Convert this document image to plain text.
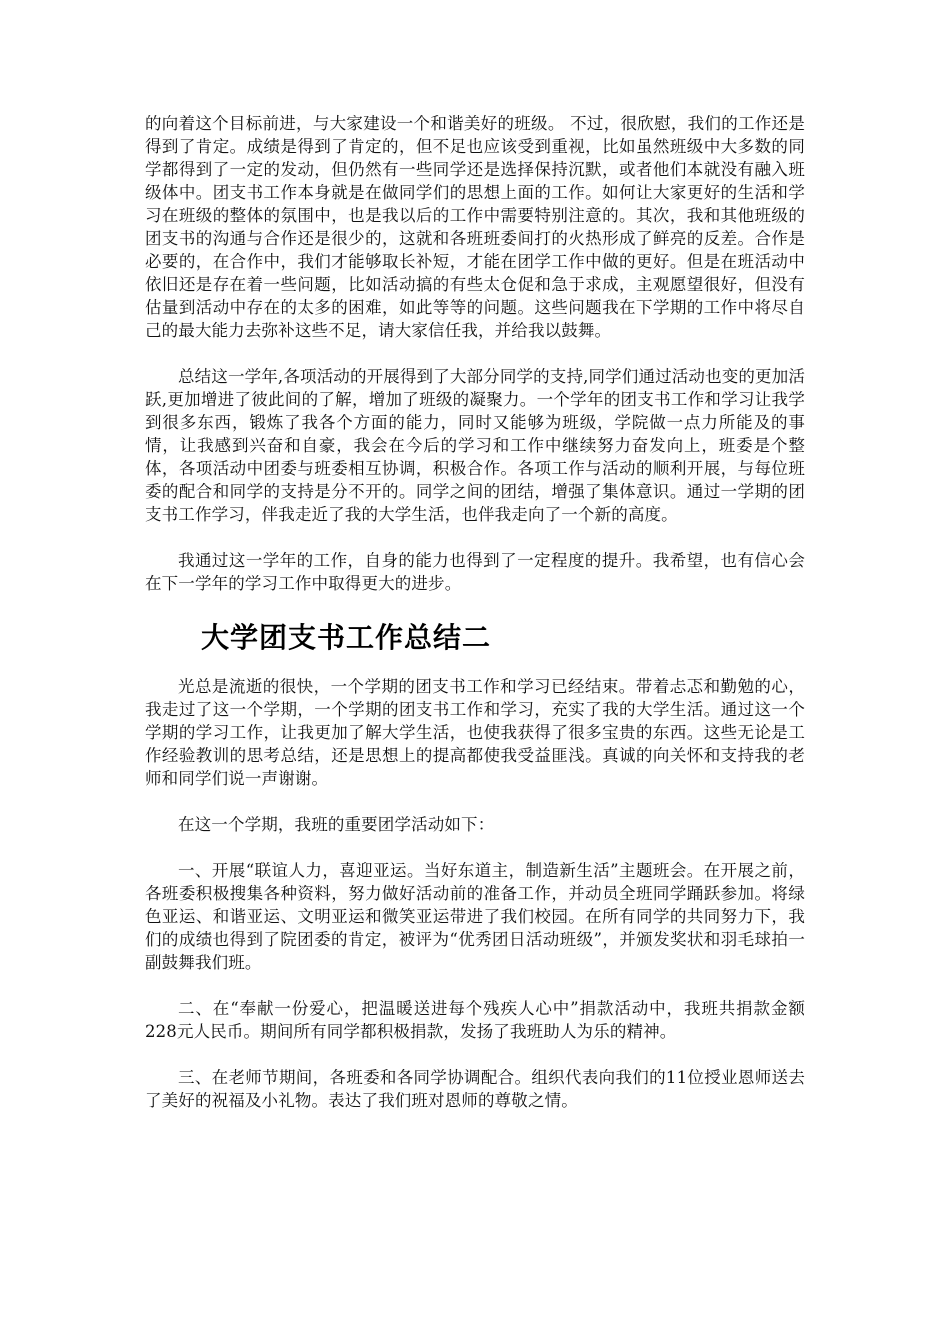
的向着这个目标前进，与大家建设一个和谐美好的班级。 不过，很欣慰，我们的工作还是得到了肯定。成绩是得到了肯定的，但不足也应该受到重视，比如虽然班级中大多数的同学都得到了一定的发动，但仍然有一些同学还是选择保持沉默，或者他们本就没有融入班级体中。团支书工作本身就是在做同学们的思想上面的工作。如何让大家更好的生活和学习在班级的整体的氛围中，也是我以后的工作中需要特别注意的。其次，我和其他班级的团支书的沟通与合作还是很少的，这就和各班班委间打的火热形成了鲜亮的反差。合作是必要的，在合作中，我们才能够取长补短，才能在团学工作中做的更好。但是在班活动中依旧还是存在着一些问题，比如活动搞的有些太仓促和急于求成，主观愿望很好，但没有估量到活动中存在的太多的困难，如此等等的问题。这些问题我在下学期的工作中将尽自己的最大能力去弥补这些不足，请大家信任我，并给我以鼓舞。

总结这一学年,各项活动的开展得到了大部分同学的支持,同学们通过活动也变的更加活跃,更加增进了彼此间的了解，增加了班级的凝聚力。一个学年的团支书工作和学习让我学到很多东西，锻炼了我各个方面的能力，同时又能够为班级，学院做一点力所能及的事情，让我感到兴奋和自豪，我会在今后的学习和工作中继续努力奋发向上，班委是个整体，各项活动中团委与班委相互协调，积极合作。各项工作与活动的顺利开展，与每位班委的配合和同学的支持是分不开的。同学之间的团结，增强了集体意识。通过一学期的团支书工作学习，伴我走近了我的大学生活，也伴我走向了一个新的高度。

我通过这一学年的工作，自身的能力也得到了一定程度的提升。我希望，也有信心会在下一学年的学习工作中取得更大的进步。

大学团支书工作总结二

光总是流逝的很快，一个学期的团支书工作和学习已经结束。带着忐忑和勤勉的心，我走过了这一个学期，一个学期的团支书工作和学习，充实了我的大学生活。通过这一个学期的学习工作，让我更加了解大学生活，也使我获得了很多宝贵的东西。这些无论是工作经验教训的思考总结，还是思想上的提高都使我受益匪浅。真诚的向关怀和支持我的老师和同学们说一声谢谢。

在这一个学期，我班的重要团学活动如下：

一、开展“联谊人力，喜迎亚运。当好东道主，制造新生活”主题班会。在开展之前，各班委积极搜集各种资料，努力做好活动前的准备工作，并动员全班同学踊跃参加。将绿色亚运、和谐亚运、文明亚运和微笑亚运带进了我们校园。在所有同学的共同努力下，我们的成绩也得到了院团委的肯定，被评为“优秀团日活动班级”，并颁发奖状和羽毛球拍一副鼓舞我们班。

二、在“奉献一份爱心，把温暖送进每个残疾人心中”捐款活动中，我班共捐款金额228元人民币。期间所有同学都积极捐款，发扬了我班助人为乐的精神。

三、在老师节期间，各班委和各同学协调配合。组织代表向我们的11位授业恩师送去了美好的祝福及小礼物。表达了我们班对恩师的尊敬之情。
